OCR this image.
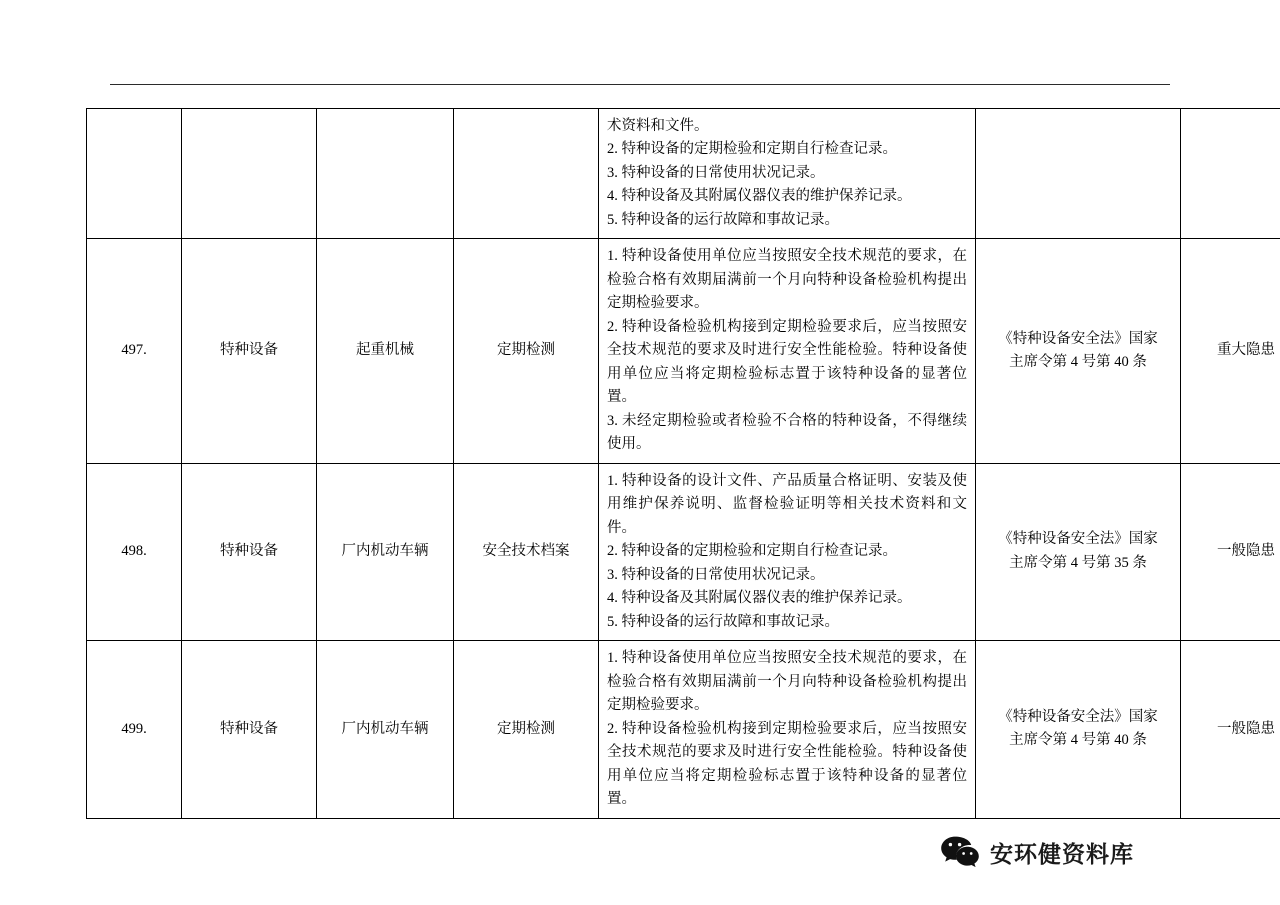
				术资料和文件。
2. 特种设备的定期检验和定期自行检查记录。
3. 特种设备的日常使用状况记录。
4. 特种设备及其附属仪器仪表的维护保养记录。
5. 特种设备的运行故障和事故记录。		

497.	特种设备	起重机械	定期检测	1. 特种设备使用单位应当按照安全技术规范的要求，在检验合格有效期届满前一个月向特种设备检验机构提出定期检验要求。
2. 特种设备检验机构接到定期检验要求后，应当按照安全技术规范的要求及时进行安全性能检验。特种设备使用单位应当将定期检验标志置于该特种设备的显著位置。
3. 未经定期检验或者检验不合格的特种设备，不得继续使用。	《特种设备安全法》国家
主席令第 4 号第 40 条	重大隐患
498.	特种设备	厂内机动车辆	安全技术档案	1. 特种设备的设计文件、产品质量合格证明、安装及使用维护保养说明、监督检验证明等相关技术资料和文件。
2. 特种设备的定期检验和定期自行检查记录。
3. 特种设备的日常使用状况记录。
4. 特种设备及其附属仪器仪表的维护保养记录。
5. 特种设备的运行故障和事故记录。	《特种设备安全法》国家
主席令第 4 号第 35 条	一般隐患
499.	特种设备	厂内机动车辆	定期检测	1. 特种设备使用单位应当按照安全技术规范的要求，在检验合格有效期届满前一个月向特种设备检验机构提出定期检验要求。
2. 特种设备检验机构接到定期检验要求后，应当按照安全技术规范的要求及时进行安全性能检验。特种设备使用单位应当将定期检验标志置于该特种设备的显著位置。	《特种设备安全法》国家
主席令第 4 号第 40 条	一般隐患
安环健资料库
